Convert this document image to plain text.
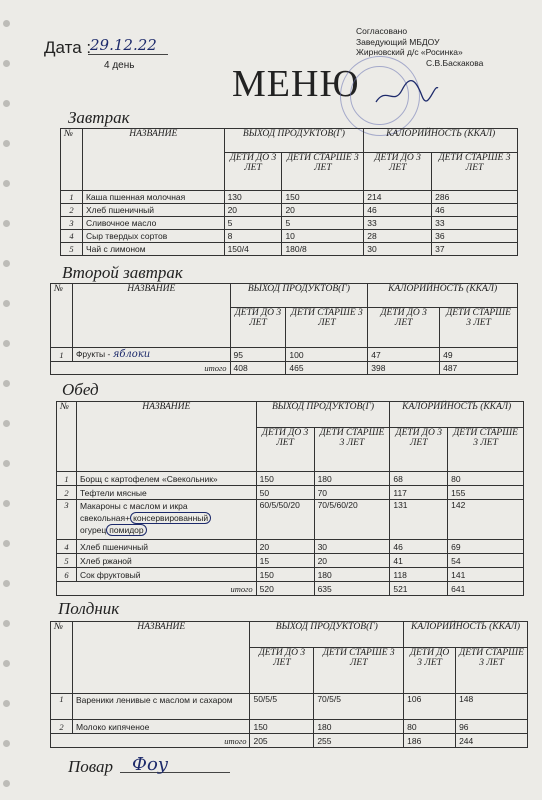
Дата :
29.12.22
4 день	МЕНЮ
Согласовано
Заведующий МБДОУ
Жирновский д/с «Росинка»
С.В.Баскакова
Завтрак
№	НАЗВАНИЕ	ВЫХОД ПРОДУКТОВ(Г)		КАЛОРИЙНОСТЬ (ККАЛ)	
		ДЕТИ ДО 3 ЛЕТ	ДЕТИ СТАРШЕ 3 ЛЕТ	ДЕТИ ДО 3 ЛЕТ	ДЕТИ СТАРШЕ 3 ЛЕТ
1	Каша пшенная молочная	130	150	214	286
2	Хлеб пшеничный	20	20	46	46
3	Сливочное масло	5	5	33	33
4	Сыр твердых сортов	8	10	28	36
5	Чай с лимоном	150/4	180/8	30	37
Второй завтрак
№	НАЗВАНИЕ	ВЫХОД ПРОДУКТОВ(Г)		КАЛОРИЙНОСТЬ (ККАЛ)	
		ДЕТИ ДО 3 ЛЕТ	ДЕТИ СТАРШЕ 3 ЛЕТ	ДЕТИ ДО 3 ЛЕТ	ДЕТИ СТАРШЕ 3 ЛЕТ
1	Фрукты - яблоки	95	100	47	49
итого		408	465	398	487
Обед
№	НАЗВАНИЕ	ВЫХОД ПРОДУКТОВ(Г)		КАЛОРИЙНОСТЬ (ККАЛ)	
		ДЕТИ ДО 3 ЛЕТ	ДЕТИ СТАРШЕ 3 ЛЕТ	ДЕТИ ДО 3 ЛЕТ	ДЕТИ СТАРШЕ 3 ЛЕТ
1	Борщ с картофелем «Свекольник»	150	180	68	80
2	Тефтели мясные	50	70	117	155
3	Макароны с маслом и икра свекольная+ консервированный
огурец помидор	60/5/50/20	70/5/60/20	131	142
4	Хлеб пшеничный	20	30	46	69
5	Хлеб ржаной	15	20	41	54
6	Сок фруктовый	150	180	118	141
итого		520	635	521	641
Полдник
№	НАЗВАНИЕ	ВЫХОД ПРОДУКТОВ(Г)		КАЛОРИЙНОСТЬ (ККАЛ)	
		ДЕТИ ДО 3 ЛЕТ	ДЕТИ СТАРШЕ 3 ЛЕТ	ДЕТИ ДО 3 ЛЕТ	ДЕТИ СТАРШЕ 3 ЛЕТ
1	Вареники ленивые с маслом и сахаром	50/5/5	70/5/5	106	148
2	Молоко кипяченое	150	180	80	96
итого		205	255	186	244
Повар Фоу
